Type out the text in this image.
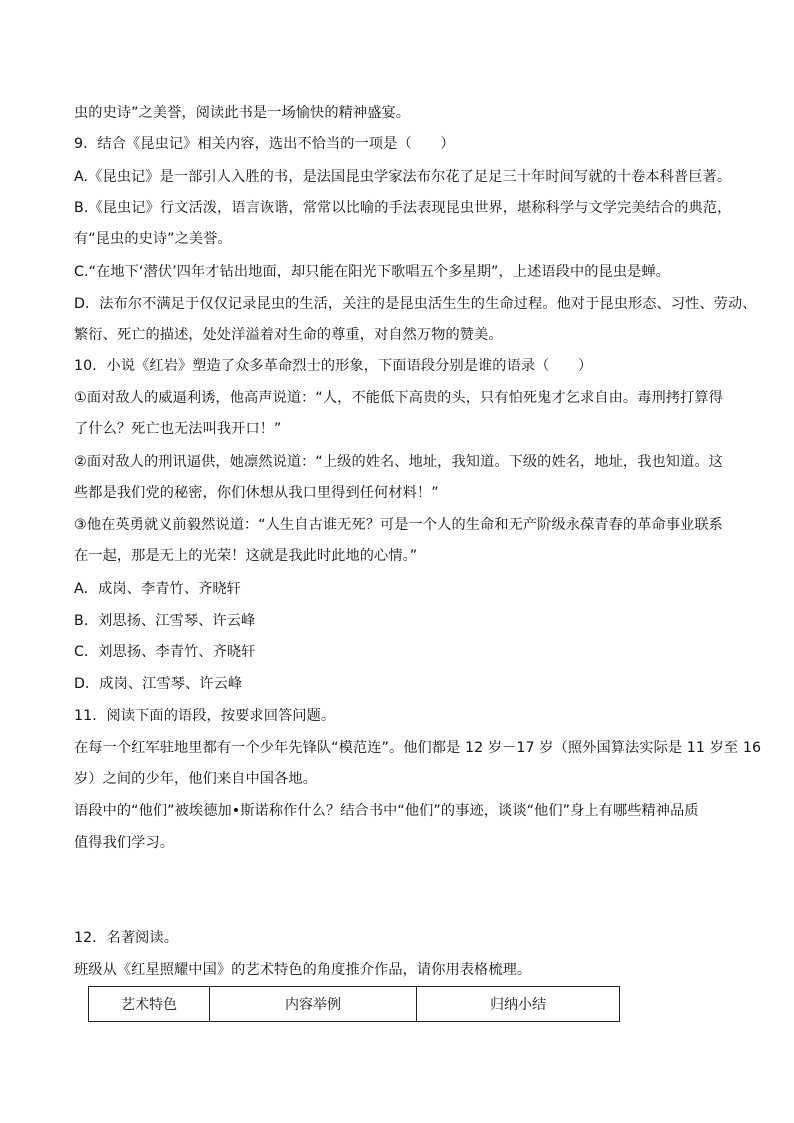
虫的史诗”之美誉，阅读此书是一场愉快的精神盛宴。
9．结合《昆虫记》相关内容，选出不恰当的一项是（　　）
A.《昆虫记》是一部引人入胜的书，是法国昆虫学家法布尔花了足足三十年时间写就的十卷本科普巨著。
B.《昆虫记》行文活泼，语言诙谐，常常以比喻的手法表现昆虫世界，堪称科学与文学完美结合的典范，
有“昆虫的史诗”之美誉。
C.“在地下‘潜伏’四年才钻出地面，却只能在阳光下歌唱五个多星期”，上述语段中的昆虫是蝉。
D．法布尔不满足于仅仅记录昆虫的生活，关注的是昆虫活生生的生命过程。他对于昆虫形态、习性、劳动、
繁衍、死亡的描述，处处洋溢着对生命的尊重，对自然万物的赞美。
10．小说《红岩》塑造了众多革命烈士的形象，下面语段分别是谁的语录（　　）
①面对敌人的威逼利诱，他高声说道：“人，不能低下高贵的头，只有怕死鬼才乞求自由。毒刑拷打算得
了什么？死亡也无法叫我开口！”
②面对敌人的刑讯逼供，她凛然说道：“上级的姓名、地址，我知道。下级的姓名，地址，我也知道。这
些都是我们党的秘密，你们休想从我口里得到任何材料！”
③他在英勇就义前毅然说道：“人生自古谁无死？可是一个人的生命和无产阶级永葆青春的革命事业联系
在一起，那是无上的光荣！这就是我此时此地的心情。”
A．成岗、李青竹、齐晓轩
B．刘思扬、江雪琴、许云峰
C．刘思扬、李青竹、齐晓轩
D．成岗、江雪琴、许云峰
11．阅读下面的语段，按要求回答问题。
在每一个红军驻地里都有一个少年先锋队“模范连”。他们都是 12 岁－17 岁（照外国算法实际是 11 岁至 16
岁）之间的少年，他们来自中国各地。
语段中的“他们”被埃德加•斯诺称作什么？结合书中“他们”的事迹，谈谈“他们”身上有哪些精神品质
值得我们学习。
12．名著阅读。
班级从《红星照耀中国》的艺术特色的角度推介作品，请你用表格梳理。
艺术特色	内容举例	归纳小结
